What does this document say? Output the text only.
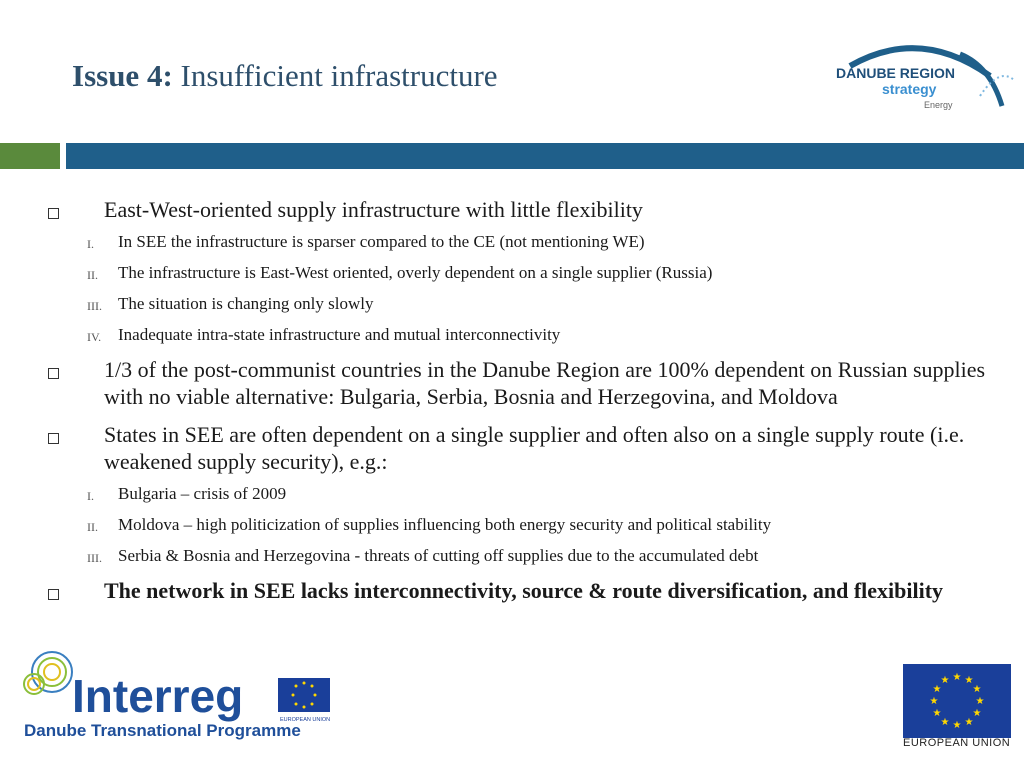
Issue 4: Insufficient infrastructure	DANUBE REGION
strategy
Energy
East-West-oriented supply infrastructure with little flexibility
I. In SEE the infrastructure is sparser compared to the CE (not mentioning WE)
II. The infrastructure is East-West oriented, overly dependent on a single supplier (Russia)
III. The situation is changing only slowly
IV. Inadequate intra-state infrastructure and mutual interconnectivity
1/3 of the post-communist countries in the Danube Region are 100% dependent on Russian supplies with no viable alternative: Bulgaria, Serbia, Bosnia and Herzegovina, and Moldova
States in SEE are often dependent on a single supplier and often also on a single supply route (i.e. weakened supply security), e.g.:
I. Bulgaria – crisis of 2009
II. Moldova – high politicization of supplies influencing both energy security and political stability
III. Serbia & Bosnia and Herzegovina - threats of cutting off supplies due to the accumulated debt
The network in SEE lacks interconnectivity, source & route diversification, and flexibility
Interreg	EUROPEAN UNION
Danube Transnational Programme
★ ★
★
★
★
★
★
★
★
★
★
★
EUROPEAN UNION
